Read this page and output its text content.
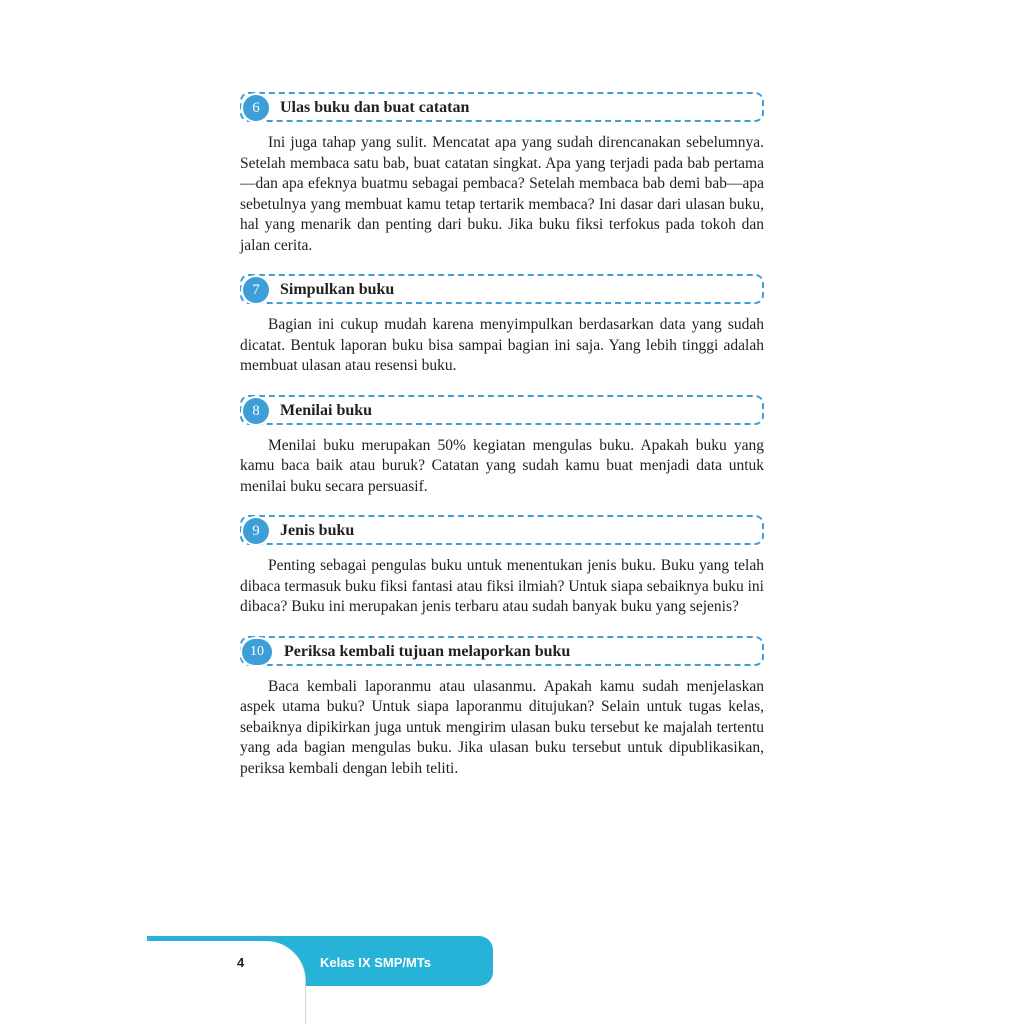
6	Ulas buku dan buat catatan

Ini juga tahap yang sulit. Mencatat apa yang sudah direncanakan sebelumnya. Setelah membaca satu bab, buat catatan singkat. Apa yang terjadi pada bab pertama—dan apa efeknya buatmu sebagai pembaca? Setelah membaca bab demi bab—apa sebetulnya yang membuat kamu tetap tertarik membaca? Ini dasar dari ulasan buku, hal yang menarik dan penting dari buku. Jika buku fiksi terfokus pada tokoh dan jalan cerita.

7	Simpulkan buku

Bagian ini cukup mudah karena menyimpulkan berdasarkan data yang sudah dicatat. Bentuk laporan buku bisa sampai bagian ini saja. Yang lebih tinggi adalah membuat ulasan atau resensi buku.

8	Menilai buku

Menilai buku merupakan 50% kegiatan mengulas buku. Apakah buku yang kamu baca baik atau buruk? Catatan yang sudah kamu buat menjadi data untuk menilai buku secara persuasif.

9	Jenis buku

Penting sebagai pengulas buku untuk menentukan jenis buku. Buku yang telah dibaca termasuk buku fiksi fantasi atau fiksi ilmiah? Untuk siapa sebaiknya buku ini dibaca? Buku ini merupakan jenis terbaru atau sudah banyak buku yang sejenis?

10	Periksa kembali tujuan melaporkan buku

Baca kembali laporanmu atau ulasanmu. Apakah kamu sudah menjelaskan aspek utama buku? Untuk siapa laporanmu ditujukan? Selain untuk tugas kelas, sebaiknya dipikirkan juga untuk mengirim ulasan buku tersebut ke majalah tertentu yang ada bagian mengulas buku. Jika ulasan buku tersebut untuk dipublikasikan, periksa kembali dengan lebih teliti.

4	Kelas IX SMP/MTs
